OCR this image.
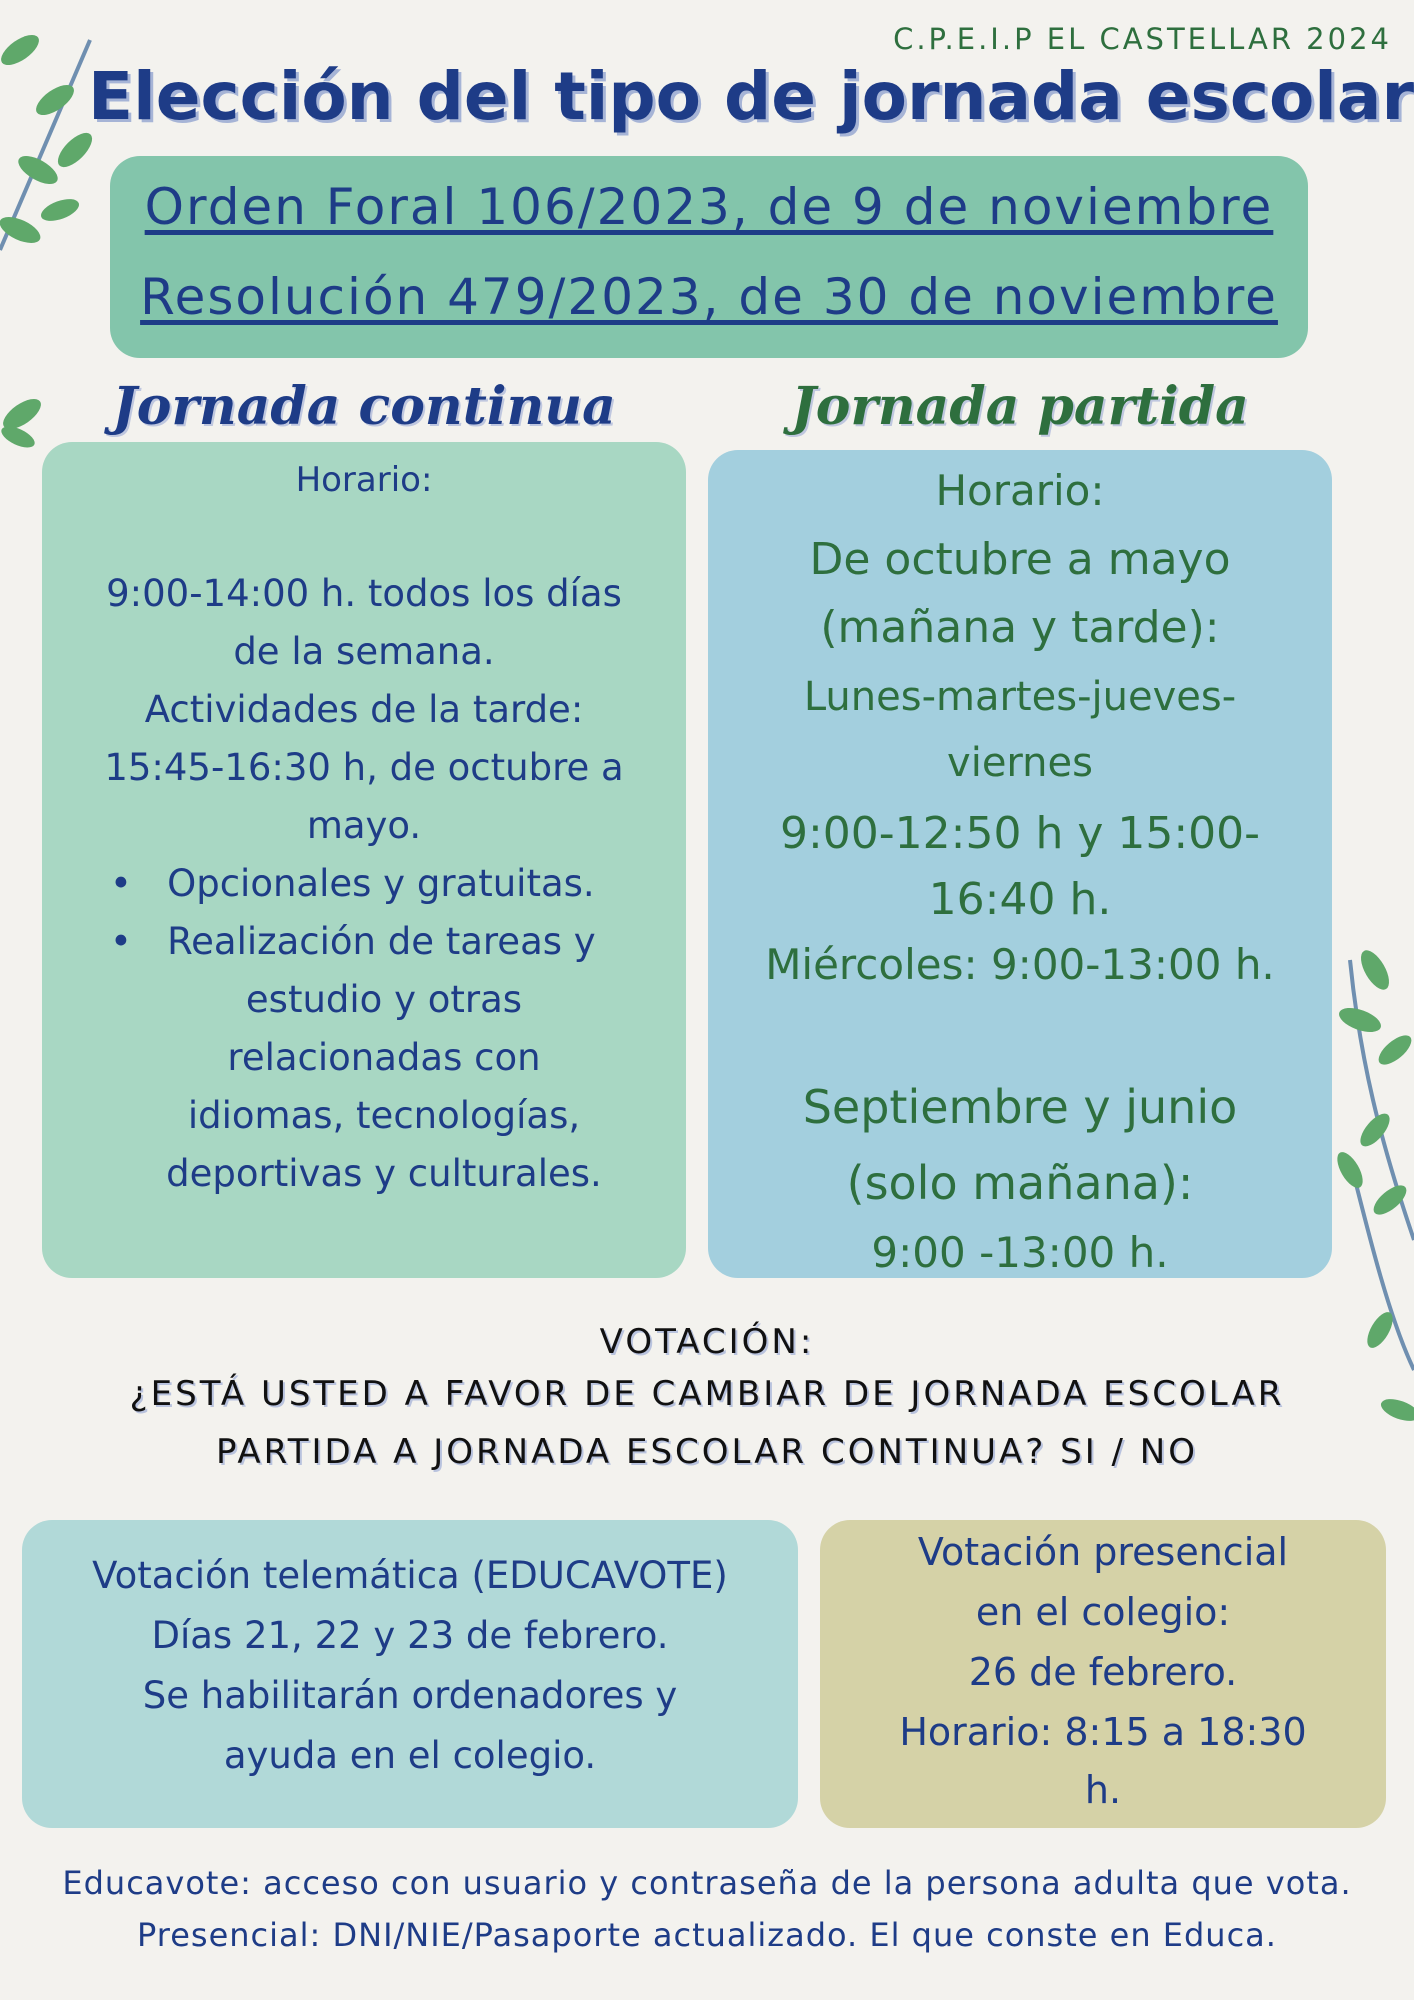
C.P.E.I.P EL CASTELLAR 2024
Elección del tipo de jornada escolar
Orden Foral 106/2023, de 9 de noviembre
Resolución 479/2023, de 30 de noviembre
Jornada continua	Jornada partida
Horario:
9:00-14:00 h. todos los días
de la semana.
Actividades de la tarde:
15:45-16:30 h, de octubre a
mayo.
•   Opcionales y gratuitas.
•   Realización de tareas y
estudio y otras
relacionadas con
idiomas, tecnologías,
deportivas y culturales.
Horario:
De octubre a mayo
(mañana y tarde):
Lunes-martes-jueves-
viernes
9:00-12:50 h y 15:00-
16:40 h.
Miércoles: 9:00-13:00 h.
Septiembre y junio
(solo mañana):
9:00 -13:00 h.
VOTACIÓN:
¿ESTÁ USTED A FAVOR DE CAMBIAR DE JORNADA ESCOLAR
PARTIDA A JORNADA ESCOLAR CONTINUA? SI / NO
Votación telemática (EDUCAVOTE)
Días 21, 22 y 23 de febrero.
Se habilitarán ordenadores y
ayuda en el colegio.
Votación presencial
en el colegio:
26 de febrero.
Horario: 8:15 a 18:30
h.
Educavote: acceso con usuario y contraseña de la persona adulta que vota.
Presencial: DNI/NIE/Pasaporte actualizado. El que conste en Educa.
